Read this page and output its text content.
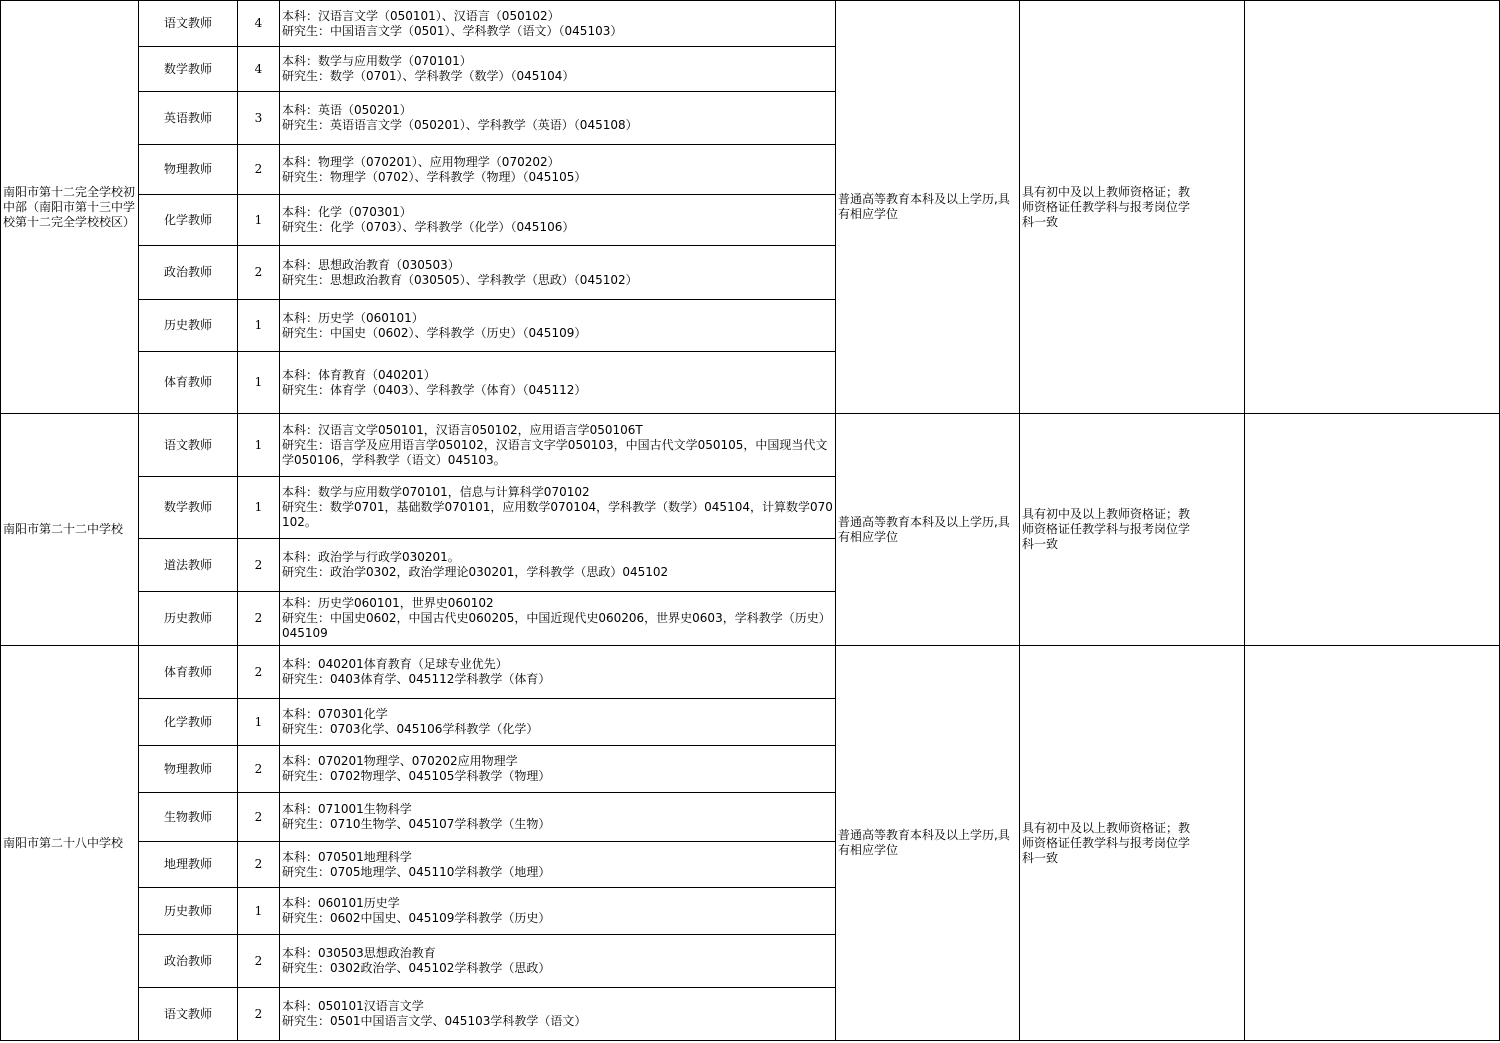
南阳市第十二完全学校初中部（南阳市第十三中学校第十二完全学校校区）	语文教师	4	本科：汉语言文学（050101）、汉语言（050102）
研究生：中国语言文学（0501）、学科教学（语文）（045103）	普通高等教育本科及以上学历,具有相应学位	具有初中及以上教师资格证；教师资格证任教学科与报考岗位学科一致	

	数学教师	4	本科：数学与应用数学（070101）
研究生：数学（0701）、学科教学（数学）（045104）			

	英语教师	3	本科：英语（050201）
研究生：英语语言文学（050201）、学科教学（英语）（045108）			

	物理教师	2	本科：物理学（070201）、应用物理学（070202）
研究生：物理学（0702）、学科教学（物理）（045105）			

	化学教师	1	本科：化学（070301）
研究生：化学（0703）、学科教学（化学）（045106）			

	政治教师	2	本科：思想政治教育（030503）
研究生：思想政治教育（030505）、学科教学（思政）（045102）			

	历史教师	1	本科：历史学（060101）
研究生：中国史（0602）、学科教学（历史）（045109）			

	体育教师	1	本科：体育教育（040201）
研究生：体育学（0403）、学科教学（体育）（045112）			

南阳市第二十二中学校	语文教师	1	本科：汉语言文学050101，汉语言050102，应用语言学050106T
研究生：语言学及应用语言学050102，汉语言文字学050103，中国古代文学050105，中国现当代文学050106，学科教学（语文）045103。	普通高等教育本科及以上学历,具有相应学位	具有初中及以上教师资格证；教师资格证任教学科与报考岗位学科一致	

	数学教师	1	本科：数学与应用数学070101，信息与计算科学070102
研究生：数学0701，基础数学070101，应用数学070104，学科教学（数学）045104，计算数学070102。			

	道法教师	2	本科：政治学与行政学030201。
研究生：政治学0302，政治学理论030201，学科教学（思政）045102			

	历史教师	2	本科：历史学060101，世界史060102
研究生：中国史0602，中国古代史060205，中国近现代史060206，世界史0603，学科教学（历史）045109			

南阳市第二十八中学校	体育教师	2	本科：040201体育教育（足球专业优先）
研究生：0403体育学、045112学科教学（体育）	普通高等教育本科及以上学历,具有相应学位	具有初中及以上教师资格证；教师资格证任教学科与报考岗位学科一致	

	化学教师	1	本科：070301化学
研究生：0703化学、045106学科教学（化学）			

	物理教师	2	本科：070201物理学、070202应用物理学
研究生：0702物理学、045105学科教学（物理）			

	生物教师	2	本科：071001生物科学
研究生：0710生物学、045107学科教学（生物）			

	地理教师	2	本科：070501地理科学
研究生：0705地理学、045110学科教学（地理）			

	历史教师	1	本科：060101历史学
研究生：0602中国史、045109学科教学（历史）			

	政治教师	2	本科：030503思想政治教育
研究生：0302政治学、045102学科教学（思政）			

	语文教师	2	本科：050101汉语言文学
研究生：0501中国语言文学、045103学科教学（语文）			
